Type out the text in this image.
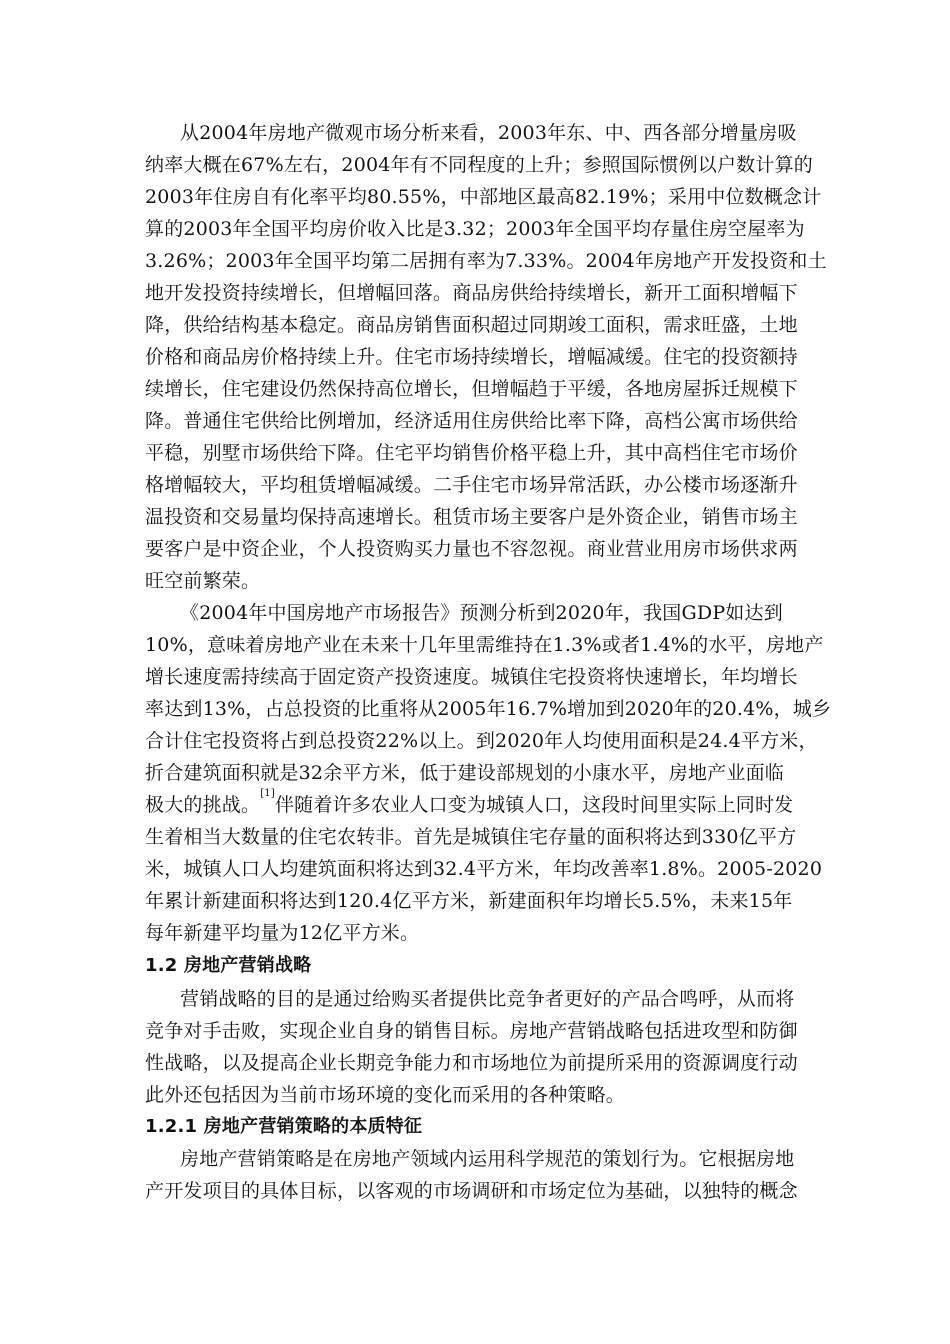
从2004年房地产微观市场分析来看，2003年东、中、西各部分增量房吸
纳率大概在67%左右，2004年有不同程度的上升；参照国际惯例以户数计算的
2003年住房自有化率平均80.55%，中部地区最高82.19%；采用中位数概念计
算的2003年全国平均房价收入比是3.32；2003年全国平均存量住房空屋率为
3.26%；2003年全国平均第二居拥有率为7.33%。2004年房地产开发投资和土
地开发投资持续增长，但增幅回落。商品房供给持续增长，新开工面积增幅下
降，供给结构基本稳定。商品房销售面积超过同期竣工面积，需求旺盛，土地
价格和商品房价格持续上升。住宅市场持续增长，增幅减缓。住宅的投资额持
续增长，住宅建设仍然保持高位增长，但增幅趋于平缓，各地房屋拆迁规模下
降。普通住宅供给比例增加，经济适用住房供给比率下降，高档公寓市场供给
平稳，别墅市场供给下降。住宅平均销售价格平稳上升，其中高档住宅市场价
格增幅较大，平均租赁增幅减缓。二手住宅市场异常活跃，办公楼市场逐渐升
温投资和交易量均保持高速增长。租赁市场主要客户是外资企业，销售市场主
要客户是中资企业，个人投资购买力量也不容忽视。商业营业用房市场供求两
旺空前繁荣。
《2004年中国房地产市场报告》预测分析到2020年，我国GDP如达到
10%，意味着房地产业在未来十几年里需维持在1.3%或者1.4%的水平，房地产
增长速度需持续高于固定资产投资速度。城镇住宅投资将快速增长，年均增长
率达到13%，占总投资的比重将从2005年16.7%增加到2020年的20.4%，城乡
合计住宅投资将占到总投资22%以上。到2020年人均使用面积是24.4平方米，
折合建筑面积就是32余平方米，低于建设部规划的小康水平，房地产业面临
极大的挑战。[1]伴随着许多农业人口变为城镇人口，这段时间里实际上同时发
生着相当大数量的住宅农转非。首先是城镇住宅存量的面积将达到330亿平方
米，城镇人口人均建筑面积将达到32.4平方米，年均改善率1.8%。2005-2020
年累计新建面积将达到120.4亿平方米，新建面积年均增长5.5%，未来15年
每年新建平均量为12亿平方米。
1.2 房地产营销战略
营销战略的目的是通过给购买者提供比竞争者更好的产品合鸣呼，从而将
竞争对手击败，实现企业自身的销售目标。房地产营销战略包括进攻型和防御
性战略，以及提高企业长期竞争能力和市场地位为前提所采用的资源调度行动
此外还包括因为当前市场环境的变化而采用的各种策略。
1.2.1 房地产营销策略的本质特征
房地产营销策略是在房地产领域内运用科学规范的策划行为。它根据房地
产开发项目的具体目标，以客观的市场调研和市场定位为基础，以独特的概念
